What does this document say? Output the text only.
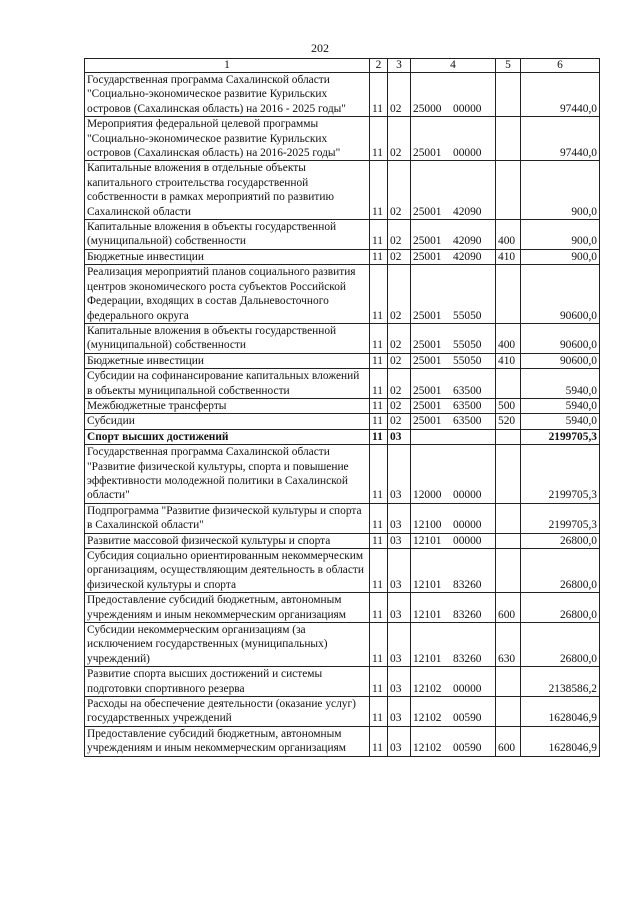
202
1	2	3	4	5	6
Государственная программа Сахалинской области "Социально-экономическое развитие Курильских островов (Сахалинская область) на 2016 - 2025 годы"	11	02	25000 00000		97440,0
Мероприятия федеральной целевой программы "Социально-экономическое развитие Курильских островов (Сахалинская область) на 2016-2025 годы"	11	02	25001 00000		97440,0
Капитальные вложения в отдельные объекты капитального строительства государственной собственности в рамках мероприятий по развитию Сахалинской области	11	02	25001 42090		900,0
Капитальные вложения в объекты государственной (муниципальной) собственности	11	02	25001 42090	400	900,0
Бюджетные инвестиции	11	02	25001 42090	410	900,0
Реализация мероприятий планов социального развития центров экономического роста субъектов Российской Федерации, входящих в состав Дальневосточного федерального округа	11	02	25001 55050		90600,0
Капитальные вложения в объекты государственной (муниципальной) собственности	11	02	25001 55050	400	90600,0
Бюджетные инвестиции	11	02	25001 55050	410	90600,0
Субсидии на софинансирование капитальных вложений в объекты муниципальной собственности	11	02	25001 63500		5940,0
Межбюджетные трансферты	11	02	25001 63500	500	5940,0
Субсидии	11	02	25001 63500	520	5940,0
Спорт высших достижений	11	03			2199705,3
Государственная программа Сахалинской области "Развитие физической культуры, спорта и повышение эффективности молодежной политики в Сахалинской области"	11	03	12000 00000		2199705,3
Подпрограмма "Развитие физической культуры и спорта в Сахалинской области"	11	03	12100 00000		2199705,3
Развитие массовой физической культуры и спорта	11	03	12101 00000		26800,0
Субсидия социально ориентированным некоммерческим организациям, осуществляющим деятельность в области физической культуры и спорта	11	03	12101 83260		26800,0
Предоставление субсидий бюджетным, автономным учреждениям и иным некоммерческим организациям	11	03	12101 83260	600	26800,0
Субсидии некоммерческим организациям (за исключением государственных (муниципальных) учреждений)	11	03	12101 83260	630	26800,0
Развитие спорта высших достижений и системы подготовки спортивного резерва	11	03	12102 00000		2138586,2
Расходы на обеспечение деятельности (оказание услуг) государственных учреждений	11	03	12102 00590		1628046,9
Предоставление субсидий бюджетным, автономным учреждениям и иным некоммерческим организациям	11	03	12102 00590	600	1628046,9
